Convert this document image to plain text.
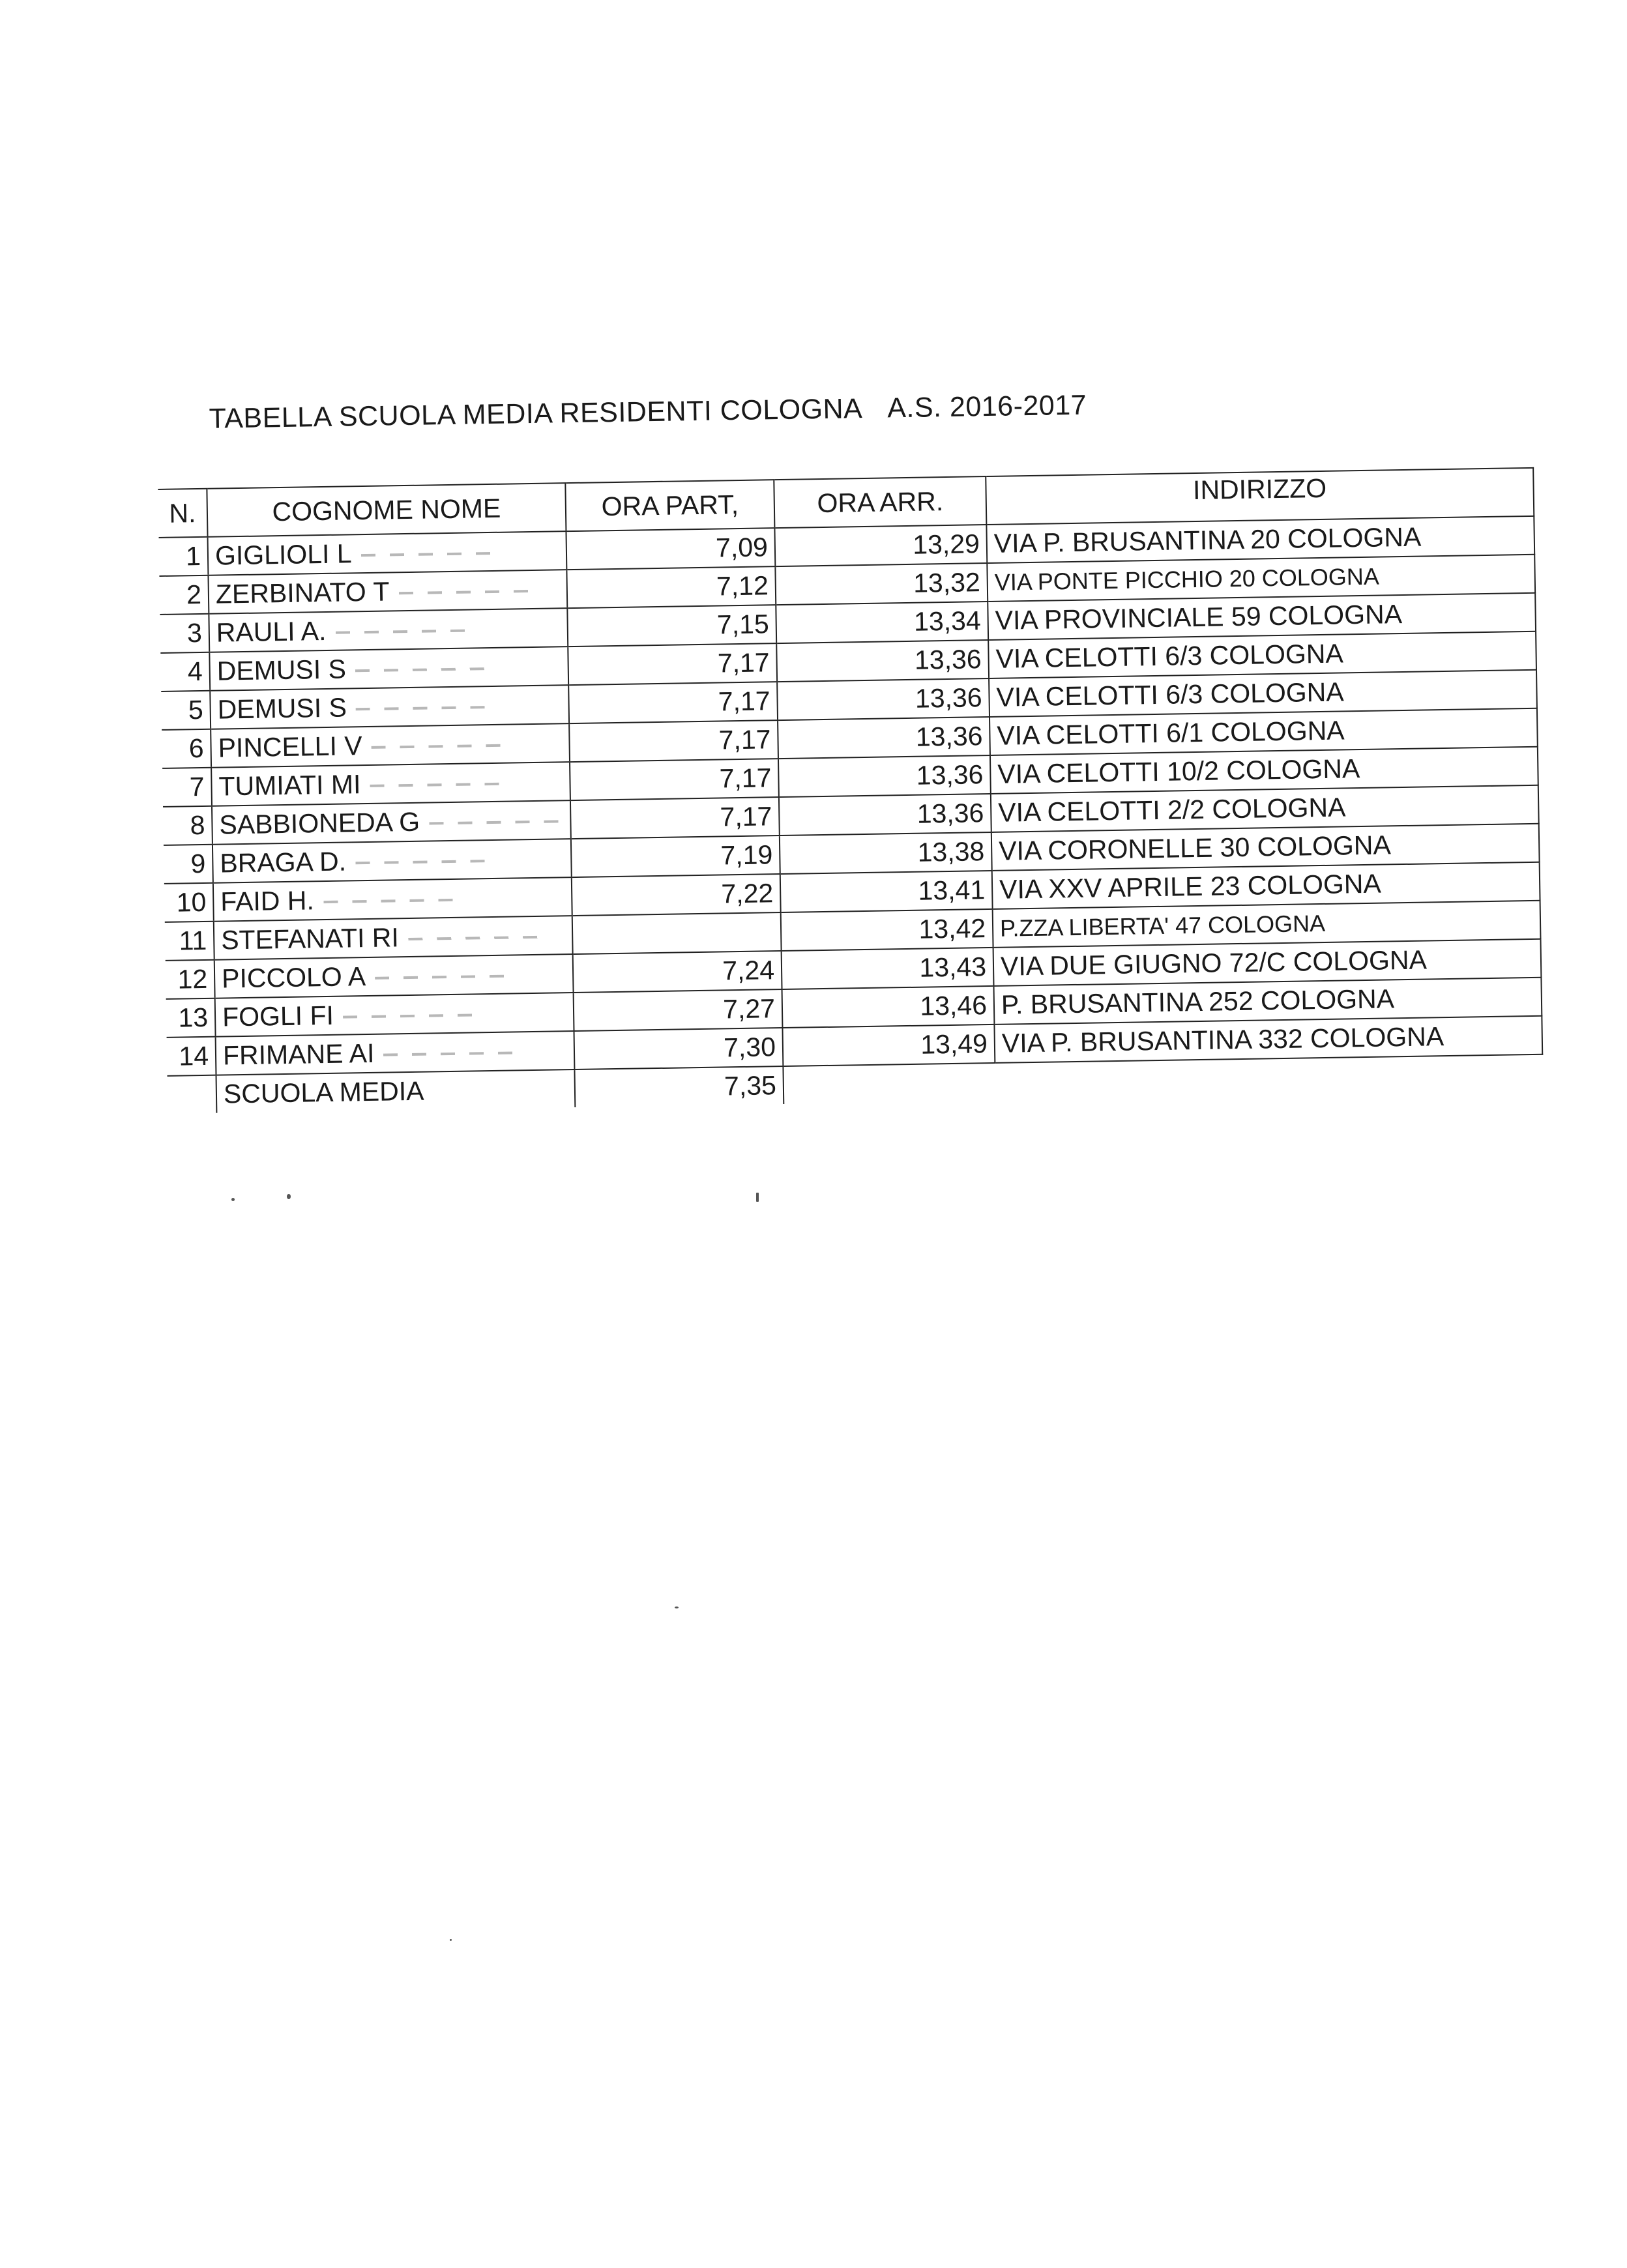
TABELLA SCUOLA MEDIA RESIDENTI COLOGNA A.S. 2016-2017
N.	COGNOME NOME	ORA PART,	ORA ARR.	INDIRIZZO
1	GIGLIOLI L	7,09	13,29	VIA P. BRUSANTINA 20 COLOGNA
2	ZERBINATO T	7,12	13,32	VIA PONTE PICCHIO 20 COLOGNA
3	RAULI A.	7,15	13,34	VIA PROVINCIALE 59 COLOGNA
4	DEMUSI S	7,17	13,36	VIA CELOTTI 6/3 COLOGNA
5	DEMUSI S	7,17	13,36	VIA CELOTTI 6/3 COLOGNA
6	PINCELLI V	7,17	13,36	VIA CELOTTI 6/1 COLOGNA
7	TUMIATI MI	7,17	13,36	VIA CELOTTI 10/2 COLOGNA
8	SABBIONEDA G	7,17	13,36	VIA CELOTTI 2/2 COLOGNA
9	BRAGA D.	7,19	13,38	VIA CORONELLE 30 COLOGNA
10	FAID H.	7,22	13,41	VIA XXV APRILE 23 COLOGNA
11	STEFANATI RI		13,42	P.ZZA LIBERTA' 47 COLOGNA
12	PICCOLO A	7,24	13,43	VIA DUE GIUGNO 72/C COLOGNA
13	FOGLI FI	7,27	13,46	P. BRUSANTINA 252 COLOGNA
14	FRIMANE AI	7,30	13,49	VIA P. BRUSANTINA 332 COLOGNA
	SCUOLA MEDIA	7,35		
